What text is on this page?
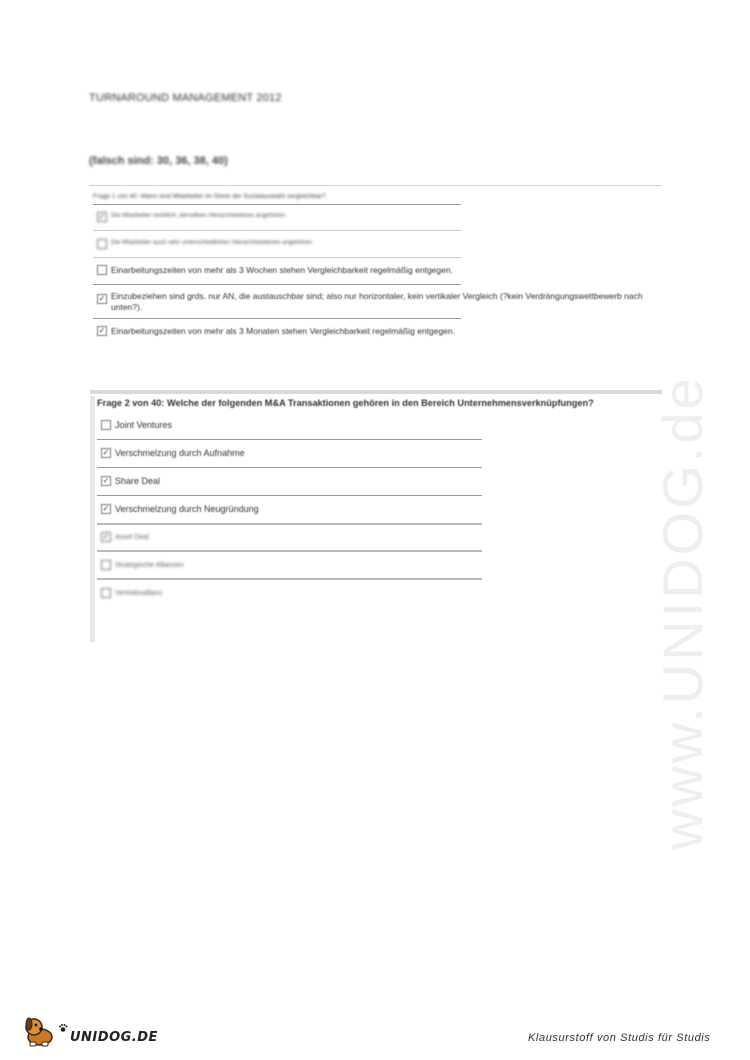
TURNAROUND MANAGEMENT 2012
(falsch sind: 30, 36, 38, 40)
Frage 1 von 40: Wann sind Mitarbeiter im Sinne der Sozialauswahl vergleichbar?
✓ Die Mitarbeiter rechtlich, derselben Hierarchieebene angehören.
Die Mitarbeiter auch sehr unterschiedlichen Hierarchieebenen angehören.
Einarbeitungszeiten von mehr als 3 Wochen stehen Vergleichbarkeit regelmäßig entgegen.
✓ Einzubeziehen sind grds. nur AN, die austauschbar sind; also nur horizontaler, kein vertikaler Vergleich (?kein Verdrängungswettbewerb nach unten?).
✓ Einarbeitungszeiten von mehr als 3 Monaten stehen Vergleichbarkeit regelmäßig entgegen.
Frage 2 von 40: Welche der folgenden M&A Transaktionen gehören in den Bereich Unternehmensverknüpfungen?
Joint Ventures
✓ Verschmelzung durch Aufnahme
✓ Share Deal
✓ Verschmelzung durch Neugründung
✓ Asset Deal
Strategische Allianzen
Vertriebsallianz	www.UNIDOG.de
UNIDOG.DE	Klausurstoff von Studis für Studis
